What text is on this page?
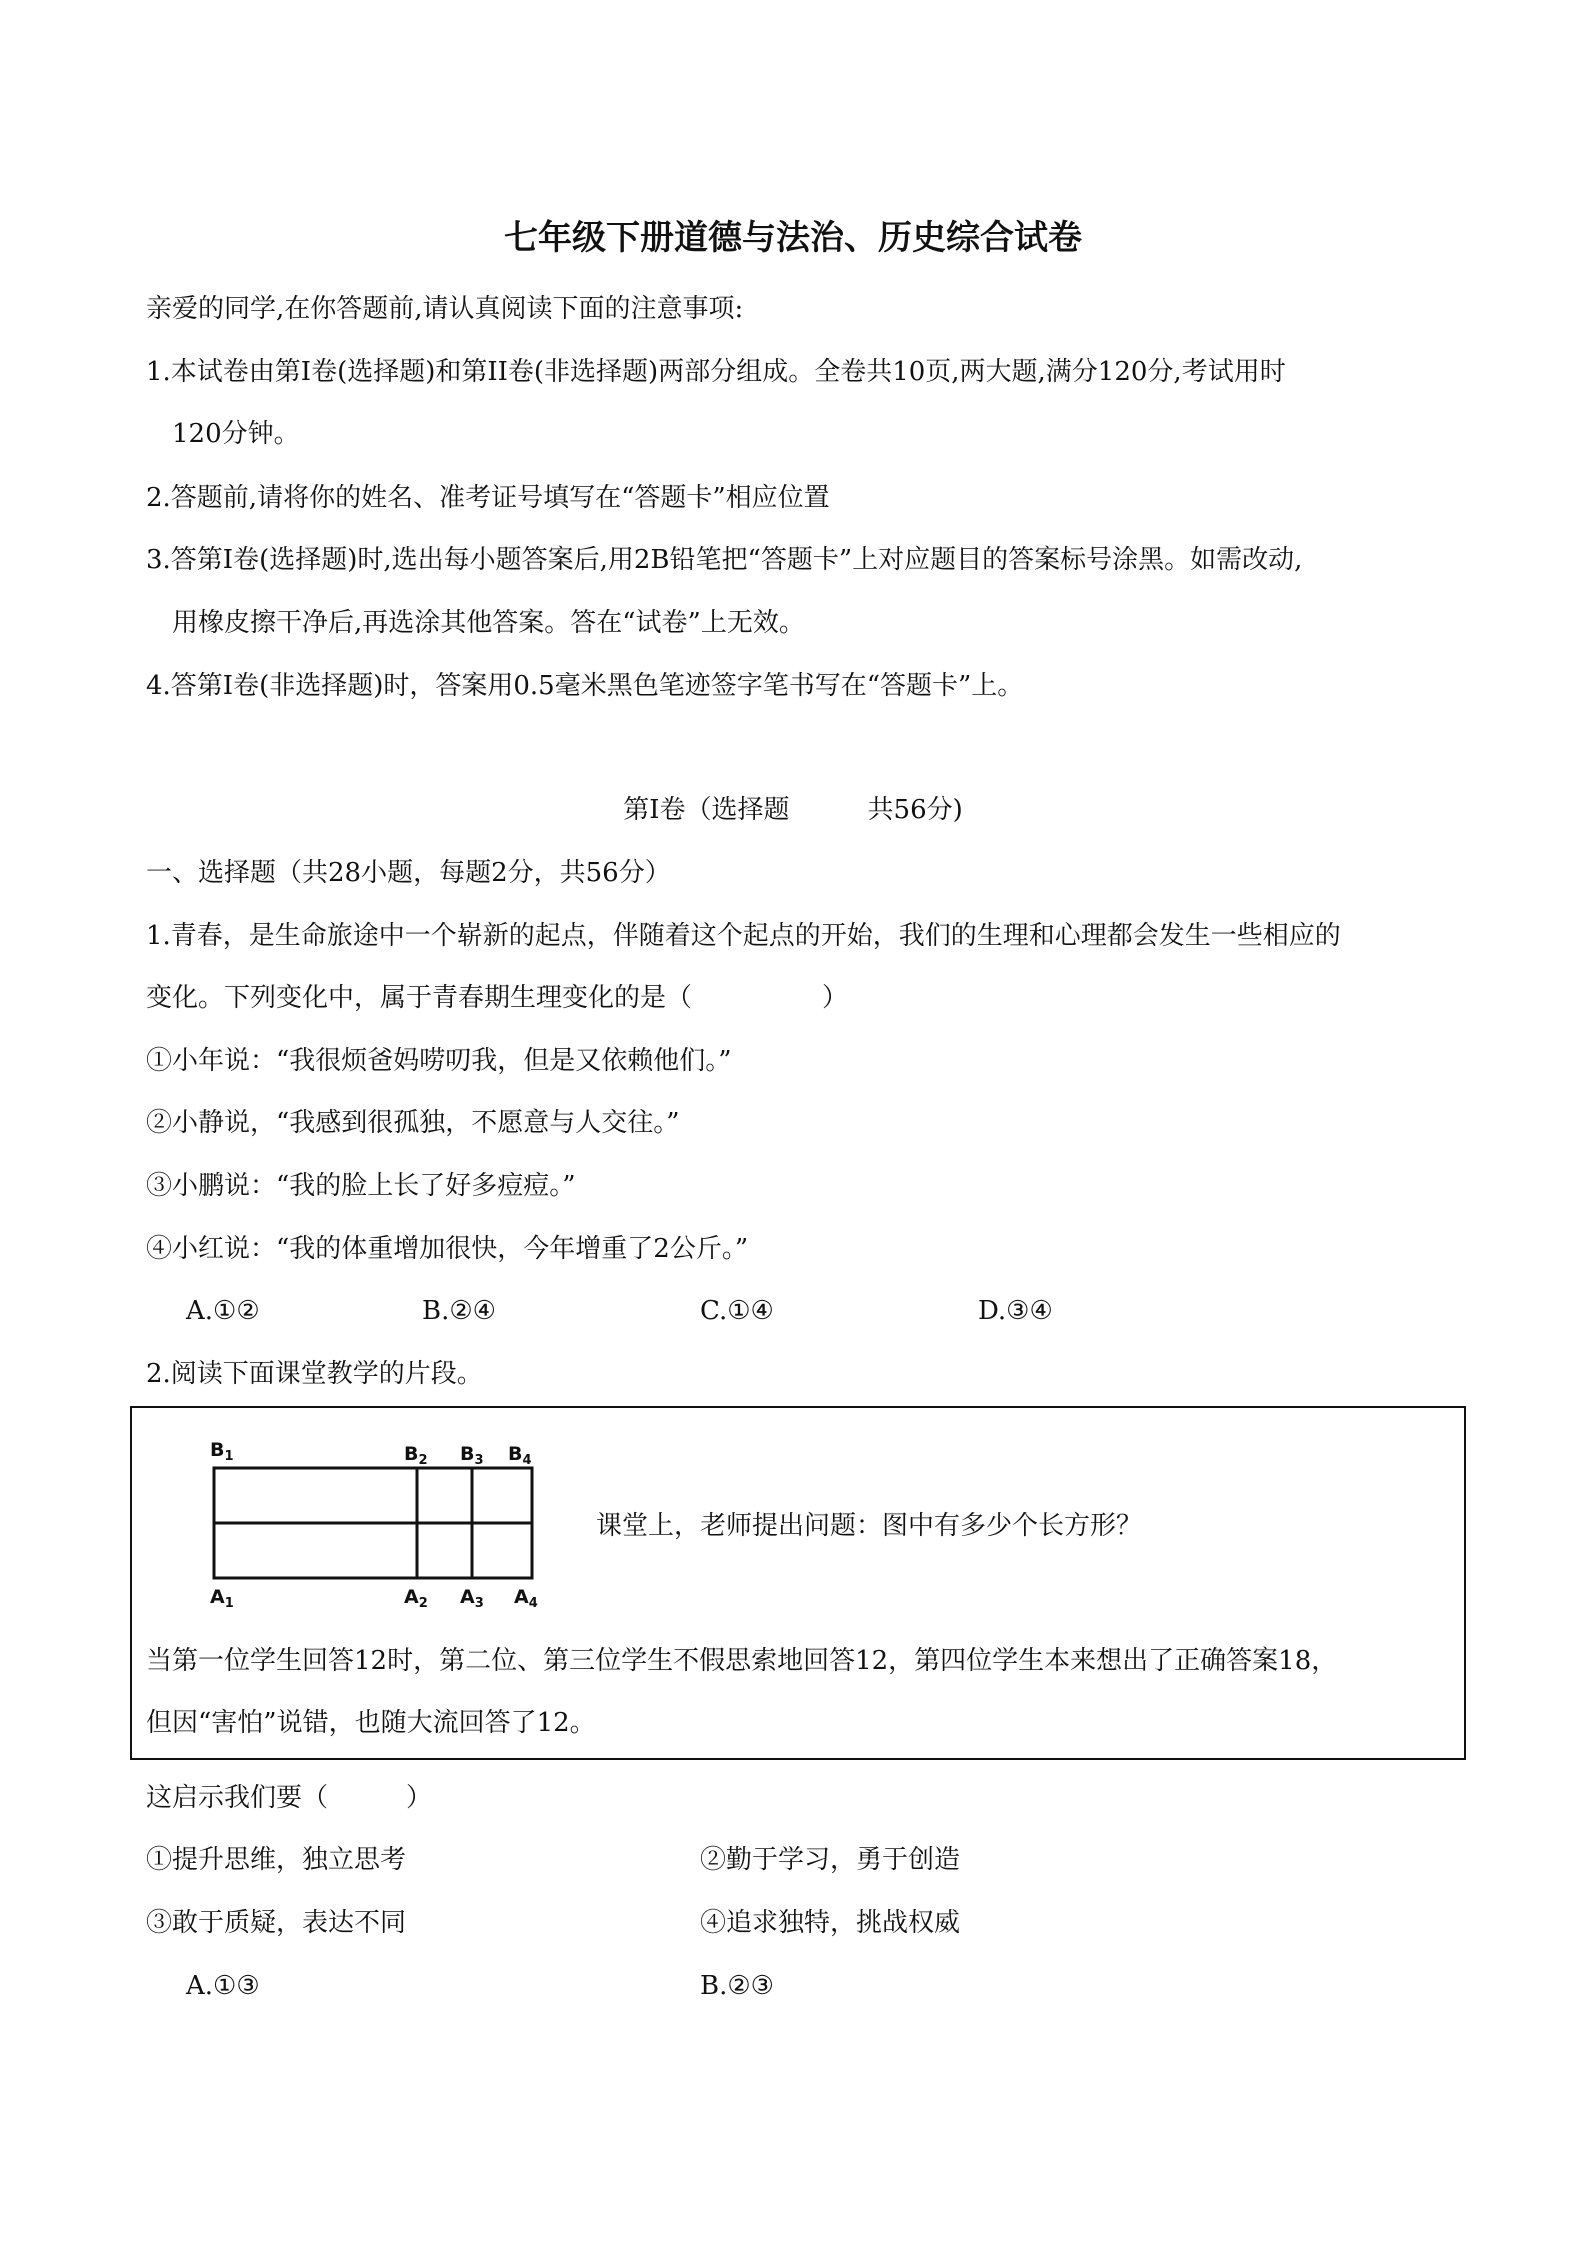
七年级下册道德与法治、历史综合试卷
亲爱的同学,在你答题前,请认真阅读下面的注意事项:
1.本试卷由第Ⅰ卷(选择题)和第II卷(非选择题)两部分组成。全卷共10页,两大题,满分120分,考试用时
120分钟。
2.答题前,请将你的姓名、准考证号填写在“答题卡”相应位置
3.答第Ⅰ卷(选择题)时,选出每小题答案后,用2B铅笔把“答题卡”上对应题目的答案标号涂黑。如需改动,
用橡皮擦干净后,再选涂其他答案。答在“试卷”上无效。
4.答第Ⅰ卷(非选择题)时，答案用0.5毫米黑色笔迹签字笔书写在“答题卡”上。
第Ⅰ卷（选择题　　　共56分)
一、选择题（共28小题，每题2分，共56分）
1.青春，是生命旅途中一个崭新的起点，伴随着这个起点的开始，我们的生理和心理都会发生一些相应的
变化。下列变化中，属于青春期生理变化的是（　　　　　）
①小年说：“我很烦爸妈唠叨我，但是又依赖他们。”
②小静说，“我感到很孤独，不愿意与人交往。”
③小鹏说：“我的脸上长了好多痘痘。”
④小红说：“我的体重增加很快，今年增重了2公斤。”
A.①②	B.②④	C.①④	D.③④
2.阅读下面课堂教学的片段。
$B_1$	$B_2$ $B_3$ $B_4$
$A_1$	$A_2$ $A_3$ $A_4$
课堂上，老师提出问题：图中有多少个长方形？
当第一位学生回答12时，第二位、第三位学生不假思索地回答12，第四位学生本来想出了正确答案18，
但因“害怕”说错，也随大流回答了12。
这启示我们要（　　　）
①提升思维，独立思考	②勤于学习，勇于创造
③敢于质疑，表达不同	④追求独特，挑战权威
A.①③	B.②③
